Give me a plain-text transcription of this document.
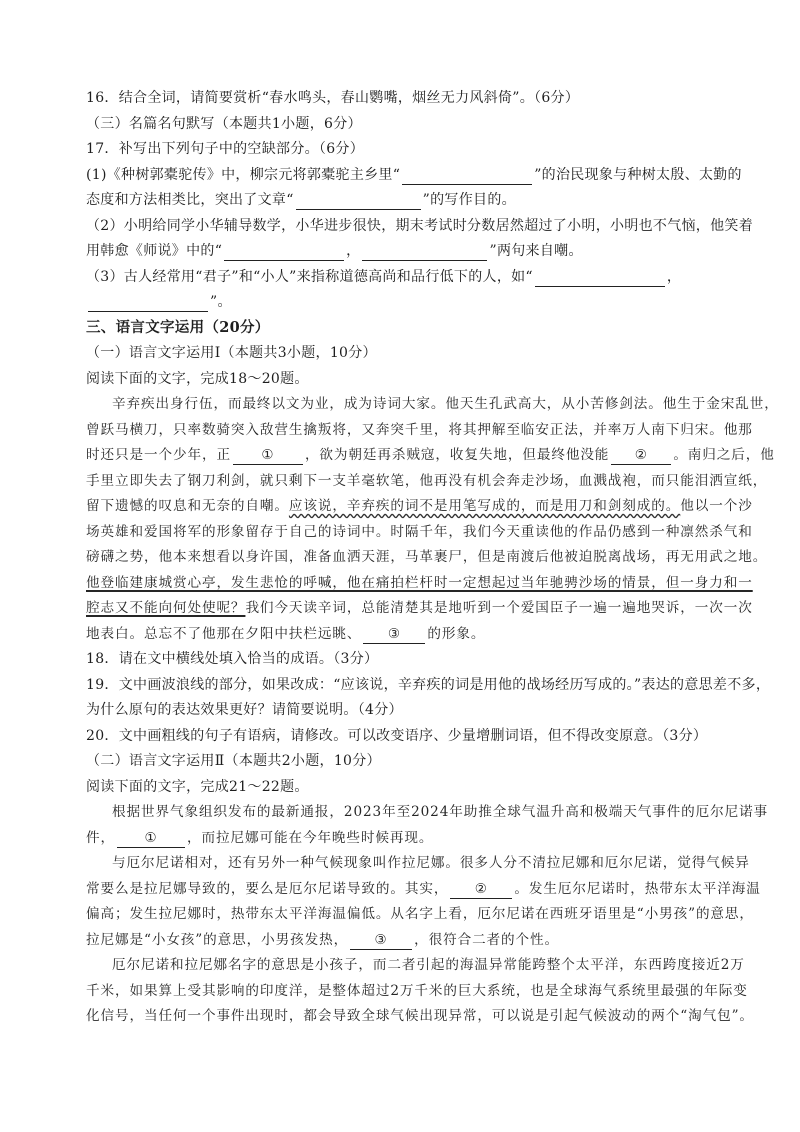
16．结合全词，请简要赏析“春水鸣头，春山鹦嘴，烟丝无力风斜倚”。（6分）
（三）名篇名句默写（本题共1小题，6分）
17．补写出下列句子中的空缺部分。（6分）
(1)《种树郭橐驼传》中，柳宗元将郭橐驼主乡里“	”的治民现象与种树太殷、太勤的
态度和方法相类比，突出了文章“	”的写作目的。
（2）小明给同学小华辅导数学，小华进步很快，期末考试时分数居然超过了小明，小明也不气恼，他笑着
用韩愈《师说》中的“	，	”两句来自嘲。
（3）古人经常用“君子”和“小人”来指称道德高尚和品行低下的人，如“	，
”。
三、语言文字运用（20分）
（一）语言文字运用Ⅰ（本题共3小题，10分）
阅读下面的文字，完成18～20题。
辛弃疾出身行伍，而最终以文为业，成为诗词大家。他天生孔武高大，从小苦修剑法。他生于金宋乱世，
曾跃马横刀，只率数骑突入敌营生擒叛将，又奔突千里，将其押解至临安正法，并率万人南下归宋。他那
时还只是一个少年，正 ① ，欲为朝廷再杀贼寇，收复失地，但最终他没能 ② 。南归之后，他
手里立即失去了钢刀利剑，就只剩下一支羊毫软笔，他再没有机会奔走沙场，血溅战袍，而只能泪洒宣纸，
留下遗憾的叹息和无奈的自嘲。应该说，辛弃疾的词不是用笔写成的，而是用刀和剑刻成的。他以一个沙
场英雄和爱国将军的形象留存于自己的诗词中。时隔千年，我们今天重读他的作品仍感到一种凛然杀气和
磅礴之势，他本来想看以身许国，准备血洒天涯，马革裹尸，但是南渡后他被迫脱离战场，再无用武之地。
他登临建康城赏心亭，发生悲怆的呼喊，他在痛拍栏杆时一定想起过当年驰骋沙场的情景，但一身力和一
腔志又不能向何处使呢？我们今天读辛词，总能清楚其是地听到一个爱国臣子一遍一遍地哭诉，一次一次
地表白。总忘不了他那在夕阳中扶栏远眺、 ③ 的形象。
18．请在文中横线处填入恰当的成语。（3分）
19．文中画波浪线的部分，如果改成：“应该说，辛弃疾的词是用他的战场经历写成的。”表达的意思差不多，
为什么原句的表达效果更好？请简要说明。（4分）
20．文中画粗线的句子有语病，请修改。可以改变语序、少量增删词语，但不得改变原意。（3分）
（二）语言文字运用Ⅱ（本题共2小题，10分）
阅读下面的文字，完成21～22题。
根据世界气象组织发布的最新通报，2023年至2024年助推全球气温升高和极端天气事件的厄尔尼诺事
件， ① ，而拉尼娜可能在今年晚些时候再现。
与厄尔尼诺相对，还有另外一种气候现象叫作拉尼娜。很多人分不清拉尼娜和厄尔尼诺，觉得气候异
常要么是拉尼娜导致的，要么是厄尔尼诺导致的。其实， ② 。发生厄尔尼诺时，热带东太平洋海温
偏高；发生拉尼娜时，热带东太平洋海温偏低。从名字上看，厄尔尼诺在西班牙语里是“小男孩”的意思，
拉尼娜是“小女孩”的意思，小男孩发热， ③ ，很符合二者的个性。
厄尔尼诺和拉尼娜名字的意思是小孩子，而二者引起的海温异常能跨整个太平洋，东西跨度接近2万
千米，如果算上受其影响的印度洋，是整体超过2万千米的巨大系统，也是全球海气系统里最强的年际变
化信号，当任何一个事件出现时，都会导致全球气候出现异常，可以说是引起气候波动的两个“淘气包”。
